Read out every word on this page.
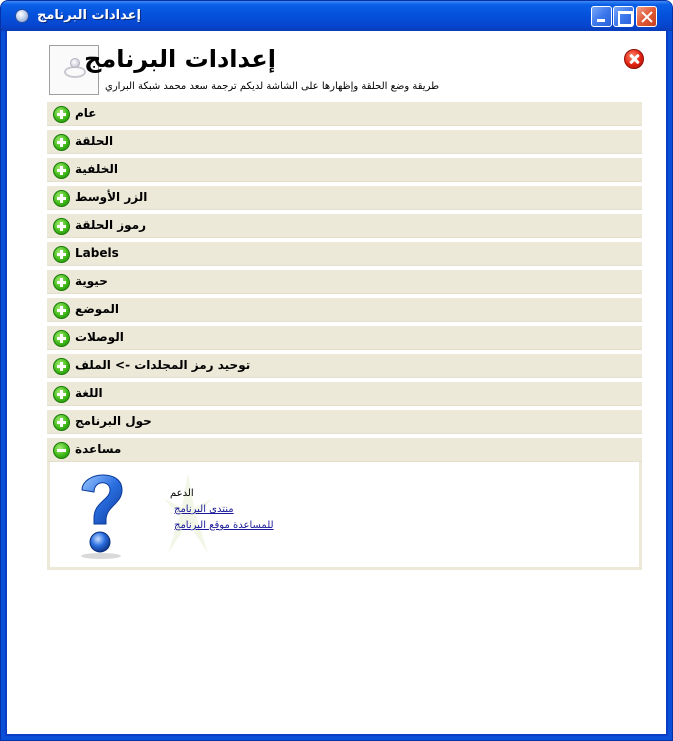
إعدادات البرنامج
إعدادات البرنامج
طريقة وضع الحلقة وإظهارها على الشاشة لديكم ترجمة سعد محمد شبكة البراري
عام
الحلقة
الخلفية
الزر الأوسط
رموز الحلقة
Labels
حيوية
الموضع
الوصلات
توحيد رمز المجلدات -> الملف
اللغة
حول البرنامج
مساعدة
الدعم
منتدى البرنامج
للمساعدة موقع البرنامج
